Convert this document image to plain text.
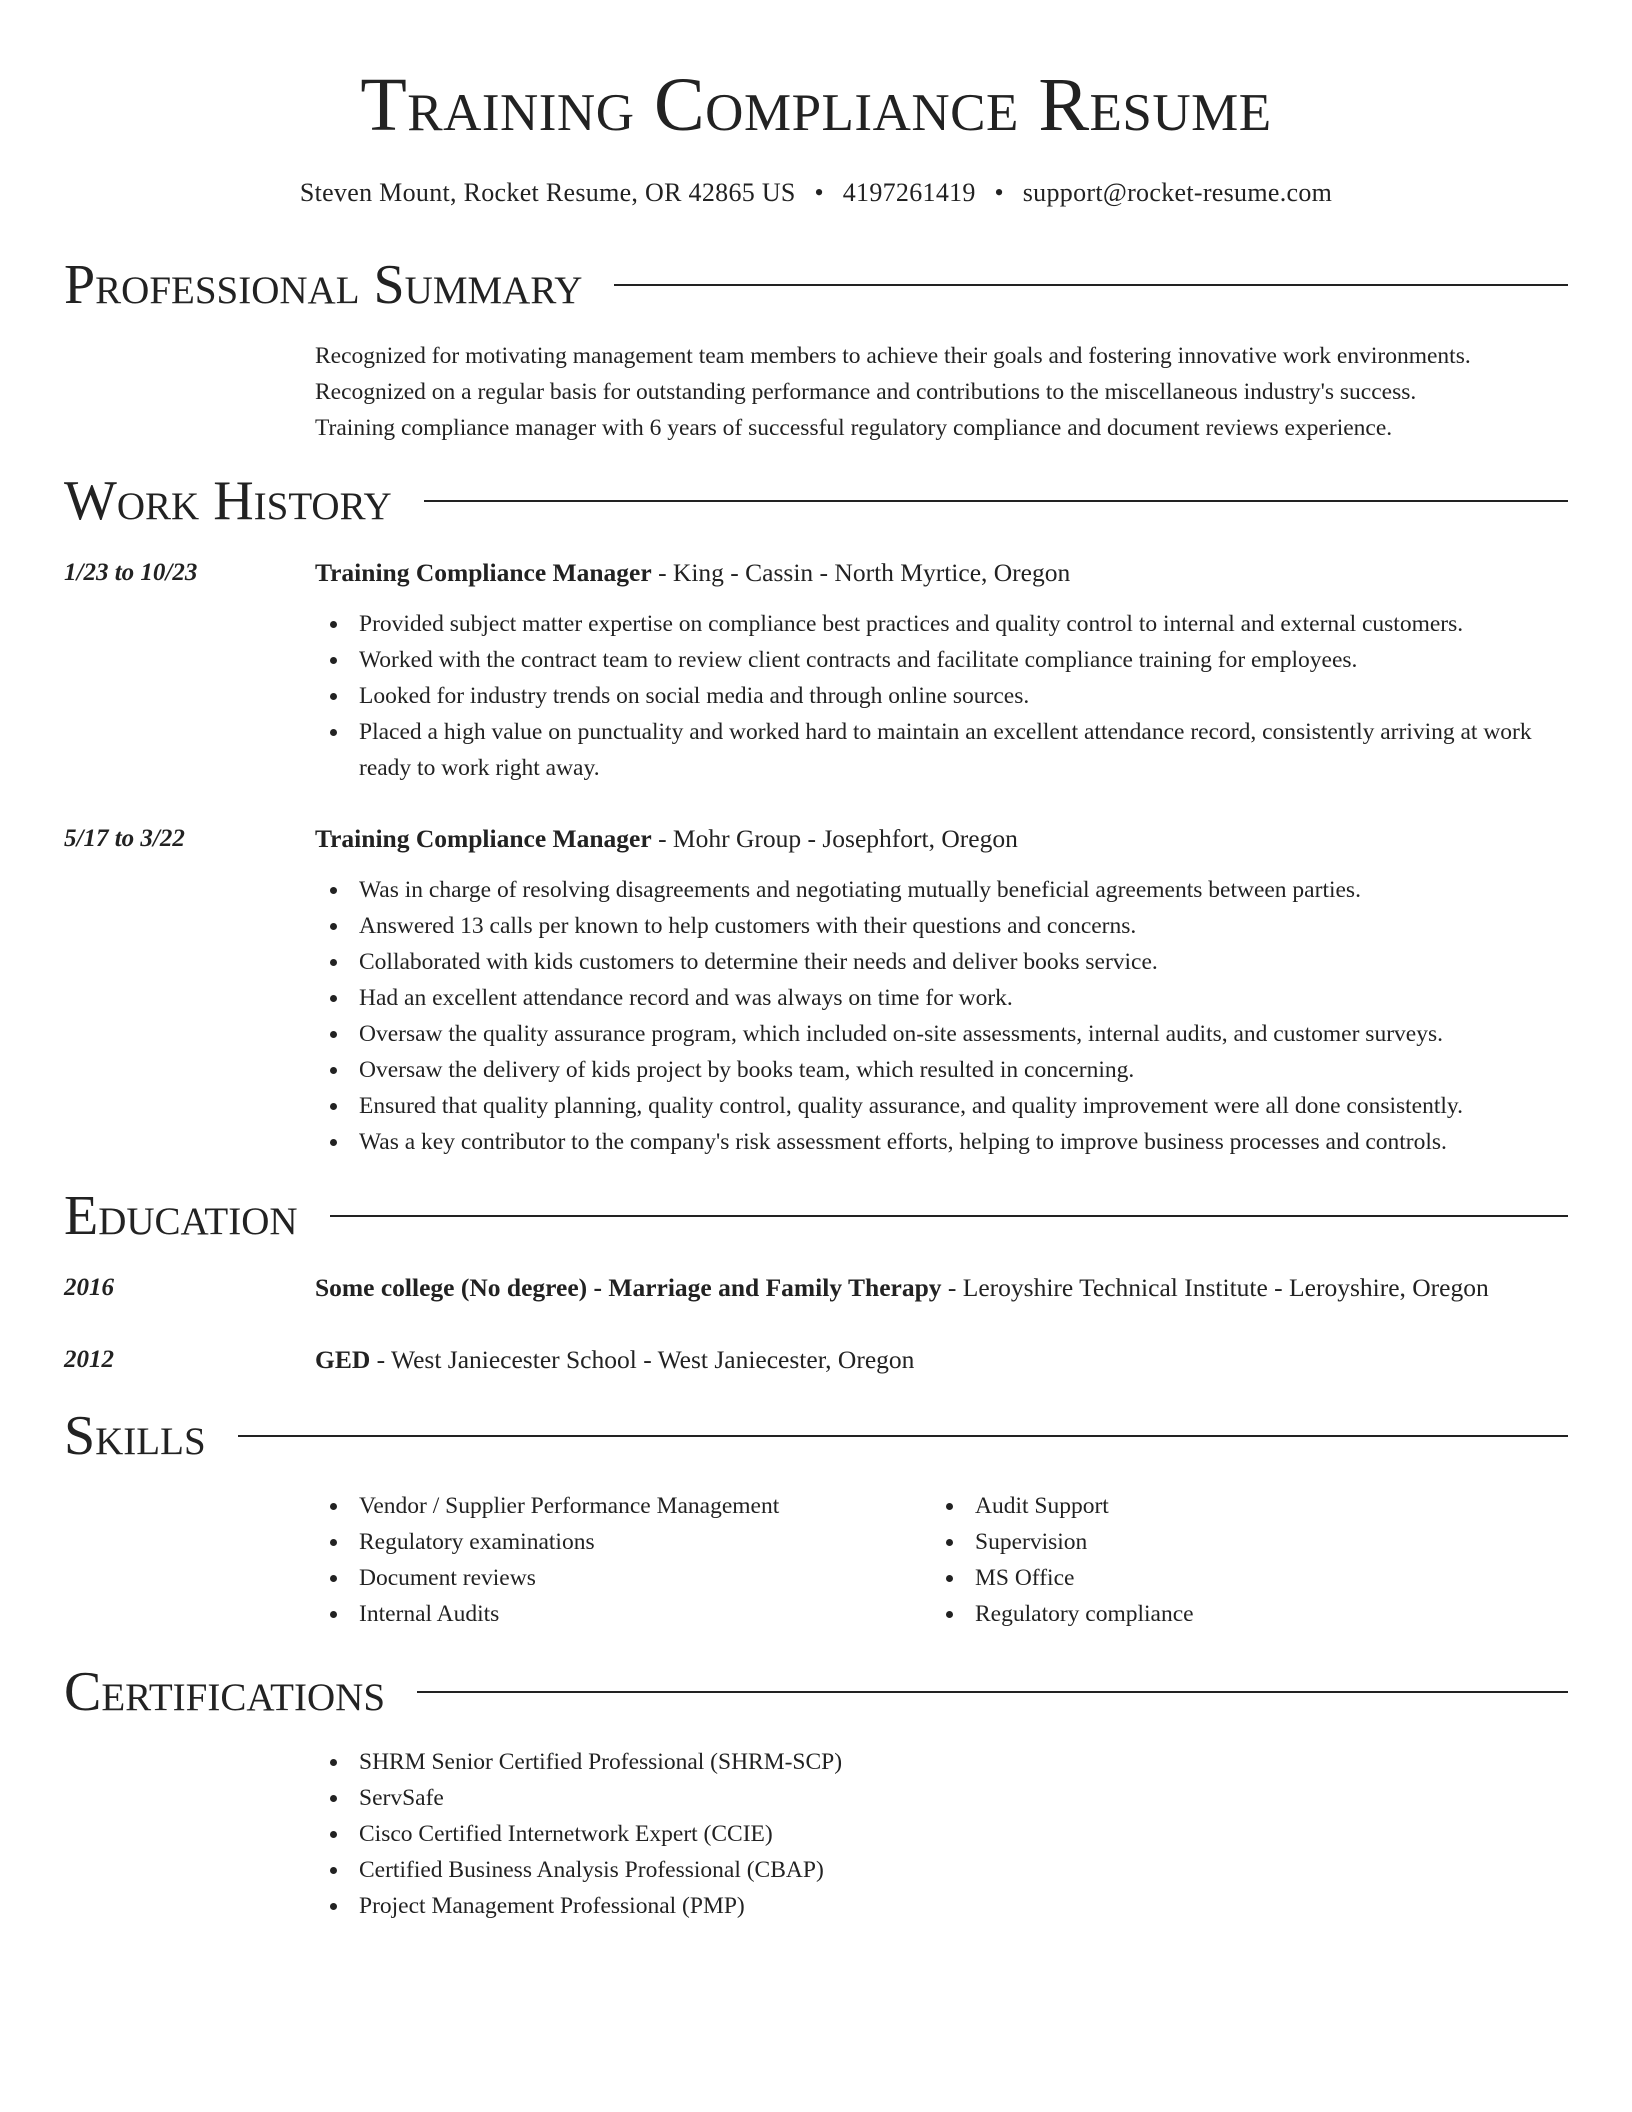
Training Compliance Resume
Steven Mount, Rocket Resume, OR 42865 US • 4197261419 • support@rocket-resume.com
Professional Summary

Recognized for motivating management team members to achieve their goals and fostering innovative work environments.

Recognized on a regular basis for outstanding performance and contributions to the miscellaneous industry's success.

Training compliance manager with 6 years of successful regulatory compliance and document reviews experience.

Work History
1/23 to 10/23	Training Compliance Manager - King - Cassin - North Myrtice, Oregon
Provided subject matter expertise on compliance best practices and quality control to internal and external customers.
Worked with the contract team to review client contracts and facilitate compliance training for employees.
Looked for industry trends on social media and through online sources.
Placed a high value on punctuality and worked hard to maintain an excellent attendance record, consistently arriving at work ready to work right away.
5/17 to 3/22	Training Compliance Manager - Mohr Group - Josephfort, Oregon
Was in charge of resolving disagreements and negotiating mutually beneficial agreements between parties.
Answered 13 calls per known to help customers with their questions and concerns.
Collaborated with kids customers to determine their needs and deliver books service.
Had an excellent attendance record and was always on time for work.
Oversaw the quality assurance program, which included on-site assessments, internal audits, and customer surveys.
Oversaw the delivery of kids project by books team, which resulted in concerning.
Ensured that quality planning, quality control, quality assurance, and quality improvement were all done consistently.
Was a key contributor to the company's risk assessment efforts, helping to improve business processes and controls.
Education
2016	Some college (No degree) - Marriage and Family Therapy - Leroyshire Technical Institute - Leroyshire, Oregon
2012	GED - West Janiecester School - West Janiecester, Oregon
Skills
Vendor / Supplier Performance Management
Regulatory examinations
Document reviews
Internal Audits
Audit Support
Supervision
MS Office
Regulatory compliance
Certifications
SHRM Senior Certified Professional (SHRM-SCP)
ServSafe
Cisco Certified Internetwork Expert (CCIE)
Certified Business Analysis Professional (CBAP)
Project Management Professional (PMP)
